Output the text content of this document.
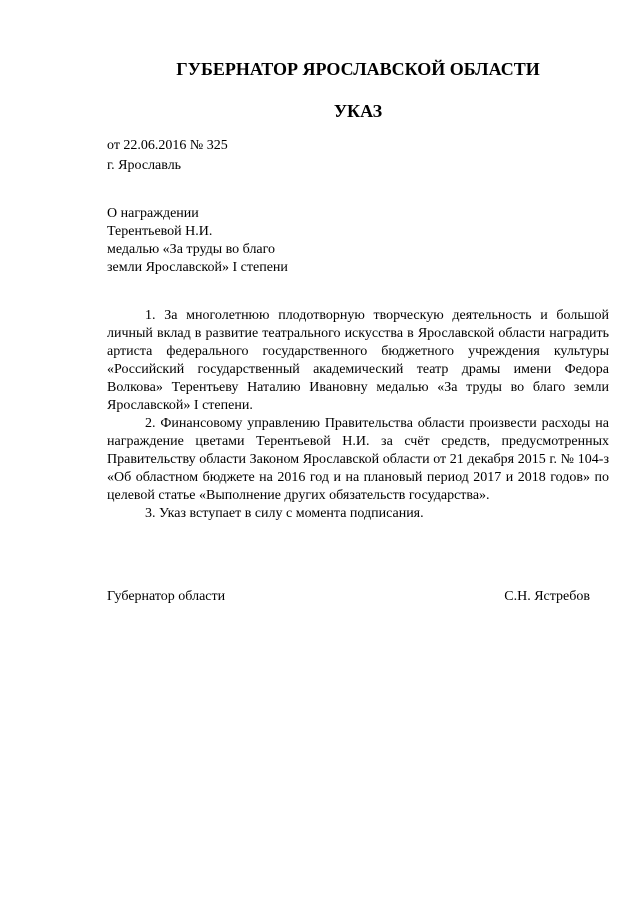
ГУБЕРНАТОР ЯРОСЛАВСКОЙ ОБЛАСТИ
УКАЗ
от 22.06.2016 № 325
г. Ярославль
О награждении
Терентьевой Н.И.
медалью «За труды во благо
земли Ярославской» I степени

1. За многолетнюю плодотворную творческую деятельность и большой личный вклад в развитие театрального искусства в Ярославской области наградить артиста федерального государственного бюджетного учреждения культуры «Российский государственный академический театр драмы имени Федора Волкова» Терентьеву Наталию Ивановну медалью «За труды во благо земли Ярославской» I степени.

2. Финансовому управлению Правительства области произвести расходы на награждение цветами Терентьевой Н.И. за счёт средств, предусмотренных Правительству области Законом Ярославской области от 21 декабря 2015 г. № 104-з «Об областном бюджете на 2016 год и на плановый период 2017 и 2018 годов» по целевой статье «Выполнение других обязательств государства».

3. Указ вступает в силу с момента подписания.

Губернатор области	С.Н. Ястребов
